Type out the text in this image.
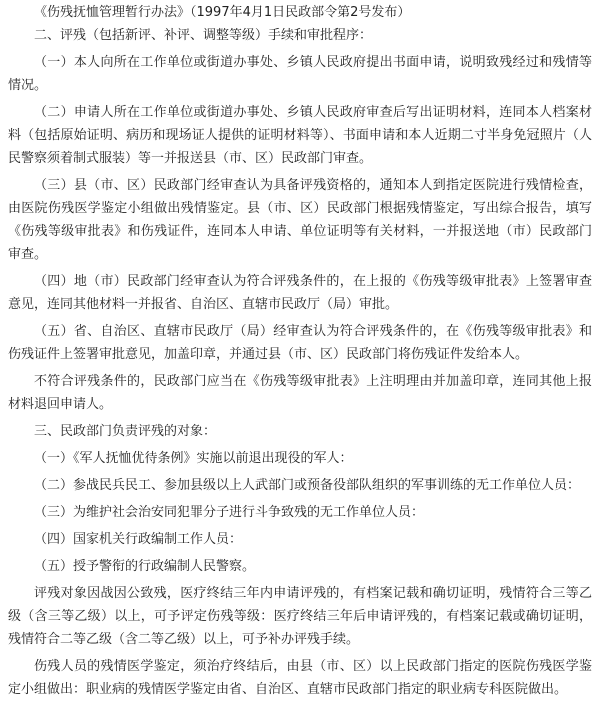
《伤残抚恤管理暂行办法》（1997年4月1日民政部令第2号发布）

二、评残（包括新评、补评、调整等级）手续和审批程序：

（一）本人向所在工作单位或街道办事处、乡镇人民政府提出书面申请，说明致残经过和残情等情况。

（二）申请人所在工作单位或街道办事处、乡镇人民政府审查后写出证明材料，连同本人档案材料（包括原始证明、病历和现场证人提供的证明材料等）、书面申请和本人近期二寸半身免冠照片（人民警察须着制式服装）等一并报送县（市、区）民政部门审查。

（三）县（市、区）民政部门经审查认为具备评残资格的，通知本人到指定医院进行残情检查，由医院伤残医学鉴定小组做出残情鉴定。县（市、区）民政部门根据残情鉴定，写出综合报告，填写《伤残等级审批表》和伤残证件，连同本人申请、单位证明等有关材料，一并报送地（市）民政部门审查。

（四）地（市）民政部门经审查认为符合评残条件的，在上报的《伤残等级审批表》上签署审查意见，连同其他材料一并报省、自治区、直辖市民政厅（局）审批。

（五）省、自治区、直辖市民政厅（局）经审查认为符合评残条件的，在《伤残等级审批表》和伤残证件上签署审批意见，加盖印章，并通过县（市、区）民政部门将伤残证件发给本人。

不符合评残条件的，民政部门应当在《伤残等级审批表》上注明理由并加盖印章，连同其他上报材料退回申请人。

三、民政部门负责评残的对象：

（一）《军人抚恤优待条例》实施以前退出现役的军人：

（二）参战民兵民工、参加县级以上人武部门或预备役部队组织的军事训练的无工作单位人员：

（三）为维护社会治安同犯罪分子进行斗争致残的无工作单位人员：

（四）国家机关行政编制工作人员：

（五）授予警衔的行政编制人民警察。

评残对象因战因公致残，医疗终结三年内申请评残的，有档案记载和确切证明，残情符合三等乙级（含三等乙级）以上，可予评定伤残等级：医疗终结三年后申请评残的，有档案记载或确切证明，残情符合二等乙级（含二等乙级）以上，可予补办评残手续。

伤残人员的残情医学鉴定，须治疗终结后，由县（市、区）以上民政部门指定的医院伤残医学鉴定小组做出：职业病的残情医学鉴定由省、自治区、直辖市民政部门指定的职业病专科医院做出。
